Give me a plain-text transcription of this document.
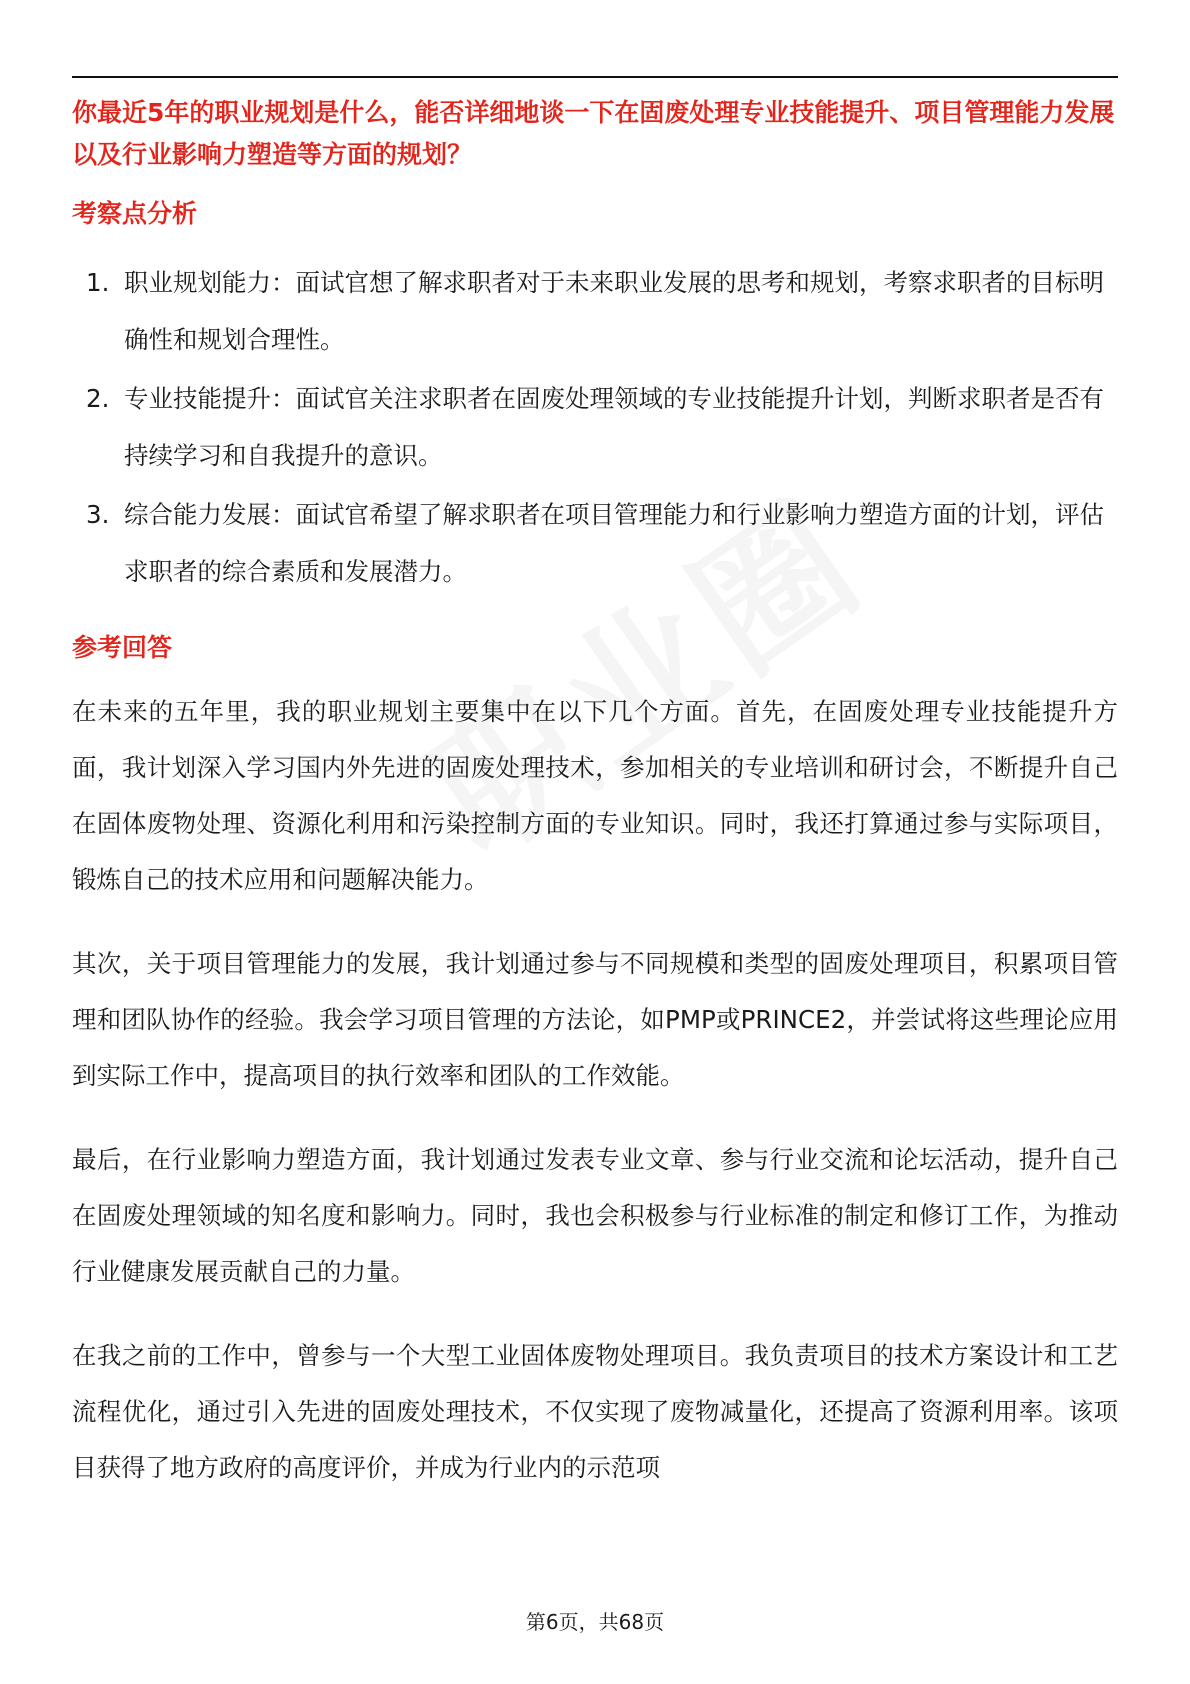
你最近5年的职业规划是什么，能否详细地谈一下在固废处理专业技能提升、项目管理能力发展以及行业影响力塑造等方面的规划？

考察点分析
1. 职业规划能力：面试官想了解求职者对于未来职业发展的思考和规划，考察求职者的目标明确性和规划合理性。
2. 专业技能提升：面试官关注求职者在固废处理领域的专业技能提升计划，判断求职者是否有持续学习和自我提升的意识。
3. 综合能力发展：面试官希望了解求职者在项目管理能力和行业影响力塑造方面的计划，评估求职者的综合素质和发展潜力。
参考回答

在未来的五年里，我的职业规划主要集中在以下几个方面。首先，在固废处理专业技能提升方面，我计划深入学习国内外先进的固废处理技术，参加相关的专业培训和研讨会，不断提升自己在固体废物处理、资源化利用和污染控制方面的专业知识。同时，我还打算通过参与实际项目，锻炼自己的技术应用和问题解决能力。

其次，关于项目管理能力的发展，我计划通过参与不同规模和类型的固废处理项目，积累项目管理和团队协作的经验。我会学习项目管理的方法论，如PMP或PRINCE2，并尝试将这些理论应用到实际工作中，提高项目的执行效率和团队的工作效能。

最后，在行业影响力塑造方面，我计划通过发表专业文章、参与行业交流和论坛活动，提升自己在固废处理领域的知名度和影响力。同时，我也会积极参与行业标准的制定和修订工作，为推动行业健康发展贡献自己的力量。

在我之前的工作中，曾参与一个大型工业固体废物处理项目。我负责项目的技术方案设计和工艺流程优化，通过引入先进的固废处理技术，不仅实现了废物减量化，还提高了资源利用率。该项目获得了地方政府的高度评价，并成为行业内的示范项

第6页，共68页
